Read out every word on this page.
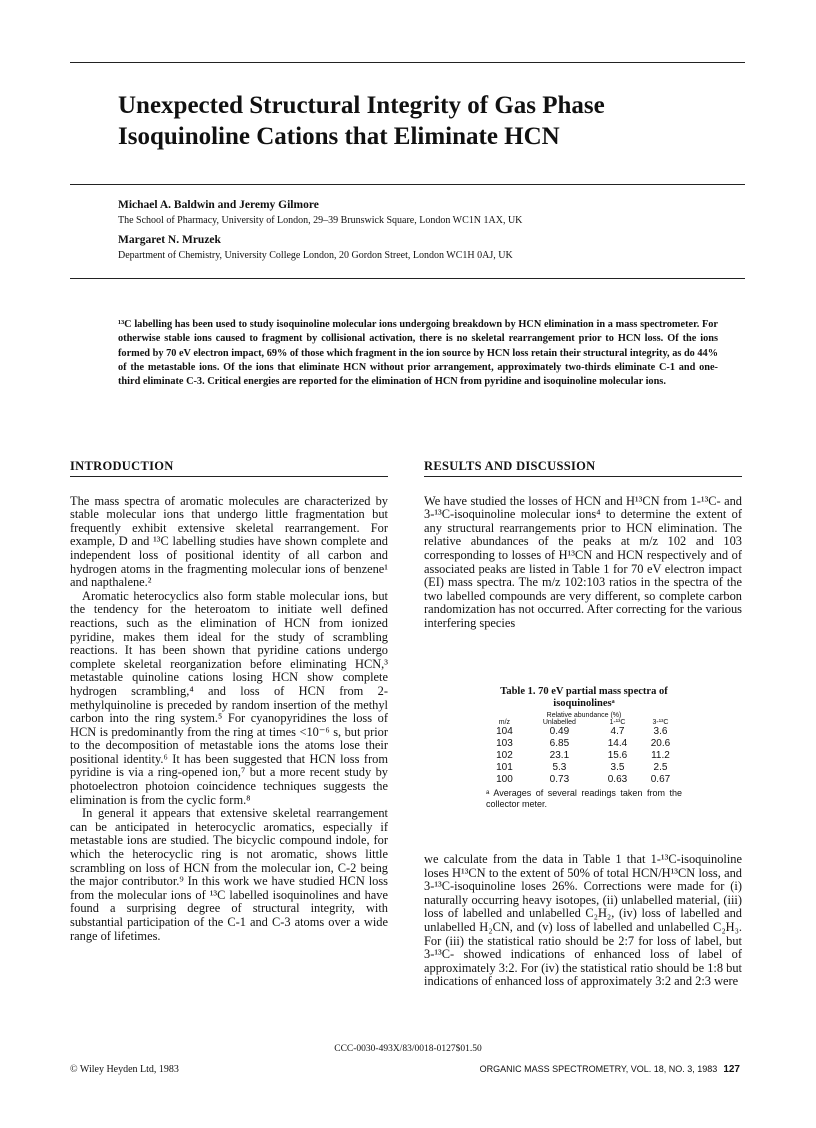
Unexpected Structural Integrity of Gas Phase Isoquinoline Cations that Eliminate HCN
Michael A. Baldwin and Jeremy Gilmore
The School of Pharmacy, University of London, 29–39 Brunswick Square, London WC1N 1AX, UK
Margaret N. Mruzek
Department of Chemistry, University College London, 20 Gordon Street, London WC1H 0AJ, UK

¹³C labelling has been used to study isoquinoline molecular ions undergoing breakdown by HCN elimination in a mass spectrometer. For otherwise stable ions caused to fragment by collisional activation, there is no skeletal rearrangement prior to HCN loss. Of the ions formed by 70 eV electron impact, 69% of those which fragment in the ion source by HCN loss retain their structural integrity, as do 44% of the metastable ions. Of the ions that eliminate HCN without prior arrangement, approximately two-thirds eliminate C-1 and one-third eliminate C-3. Critical energies are reported for the elimination of HCN from pyridine and isoquinoline molecular ions.

INTRODUCTION

The mass spectra of aromatic molecules are characterized by stable molecular ions that undergo little fragmentation but frequently exhibit extensive skeletal rearrangement. For example, D and ¹³C labelling studies have shown complete and independent loss of positional identity of all carbon and hydrogen atoms in the fragmenting molecular ions of benzene¹ and napthalene.²

Aromatic heterocyclics also form stable molecular ions, but the tendency for the heteroatom to initiate well defined reactions, such as the elimination of HCN from ionized pyridine, makes them ideal for the study of scrambling reactions. It has been shown that pyridine cations undergo complete skeletal reorganization before eliminating HCN,³ metastable quinoline cations losing HCN show complete hydrogen scrambling,⁴ and loss of HCN from 2-methylquinoline is preceded by random insertion of the methyl carbon into the ring system.⁵ For cyanopyridines the loss of HCN is predominantly from the ring at times <10⁻⁶ s, but prior to the decomposition of metastable ions the atoms lose their positional identity.⁶ It has been suggested that HCN loss from pyridine is via a ring-opened ion,⁷ but a more recent study by photoelectron photoion coincidence techniques suggests the elimination is from the cyclic form.⁸

In general it appears that extensive skeletal rearrangement can be anticipated in heterocyclic aromatics, especially if metastable ions are studied. The bicyclic compound indole, for which the heterocyclic ring is not aromatic, shows little scrambling on loss of HCN from the molecular ion, C-2 being the major contributor.⁹ In this work we have studied HCN loss from the molecular ions of ¹³C labelled isoquinolines and have found a surprising degree of structural integrity, with substantial participation of the C-1 and C-3 atoms over a wide range of lifetimes.

RESULTS AND DISCUSSION

We have studied the losses of HCN and H¹³CN from 1-¹³C- and 3-¹³C-isoquinoline molecular ions⁴ to determine the extent of any structural rearrangements prior to HCN elimination. The relative abundances of the peaks at m/z 102 and 103 corresponding to losses of H¹³CN and HCN respectively and of associated peaks are listed in Table 1 for 70 eV electron impact (EI) mass spectra. The m/z 102:103 ratios in the spectra of the two labelled compounds are very different, so complete carbon randomization has not occurred. After correcting for the various interfering species

Table 1. 70 eV partial mass spectra of isoquinolinesᵃ
Relative abundance (%)
m/z	Unlabelled	1-¹³C	3-¹³C
104	0.49	4.7	3.6
103	6.85	14.4	20.6
102	23.1	15.6	11.2
101	5.3	3.5	2.5
100	0.73	0.63	0.67
ᵃ Averages of several readings taken from the collector meter.

we calculate from the data in Table 1 that 1-¹³C-isoquinoline loses H¹³CN to the extent of 50% of total HCN/H¹³CN loss, and 3-¹³C-isoquinoline loses 26%. Corrections were made for (i) naturally occurring heavy isotopes, (ii) unlabelled material, (iii) loss of labelled and unlabelled C₂H₂, (iv) loss of labelled and unlabelled H₂CN, and (v) loss of labelled and unlabelled C₂H₃. For (iii) the statistical ratio should be 2:7 for loss of label, but 3-¹³C- showed indications of enhanced loss of label of approximately 3:2. For (iv) the statistical ratio should be 1:8 but indications of enhanced loss of approximately 3:2 and 2:3 were

CCC-0030-493X/83/0018-0127$01.50
© Wiley Heyden Ltd, 1983	ORGANIC MASS SPECTROMETRY, VOL. 18, NO. 3, 1983 127
